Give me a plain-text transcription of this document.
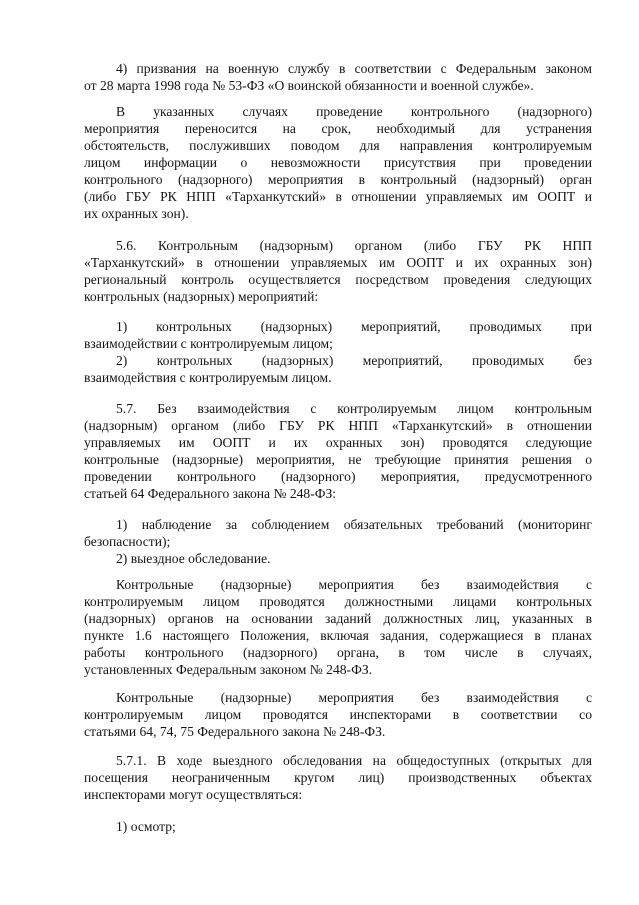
4) призвания на военную службу в соответствии с Федеральным законом
от 28 марта 1998 года № 53-ФЗ «О воинской обязанности и военной службе».
В указанных случаях проведение контрольного (надзорного)
мероприятия переносится на срок, необходимый для устранения
обстоятельств, послуживших поводом для направления контролируемым
лицом информации о невозможности присутствия при проведении
контрольного (надзорного) мероприятия в контрольный (надзорный) орган
(либо ГБУ РК НПП «Тарханкутский» в отношении управляемых им ООПТ и
их охранных зон).
5.6. Контрольным (надзорным) органом (либо ГБУ РК НПП
«Тарханкутский» в отношении управляемых им ООПТ и их охранных зон)
региональный контроль осуществляется посредством проведения следующих
контрольных (надзорных) мероприятий:
1) контрольных (надзорных) мероприятий, проводимых при
взаимодействии с контролируемым лицом;
2) контрольных (надзорных) мероприятий, проводимых без
взаимодействия с контролируемым лицом.
5.7. Без взаимодействия с контролируемым лицом контрольным
(надзорным) органом (либо ГБУ РК НПП «Тарханкутский» в отношении
управляемых им ООПТ и их охранных зон) проводятся следующие
контрольные (надзорные) мероприятия, не требующие принятия решения о
проведении контрольного (надзорного) мероприятия, предусмотренного
статьей 64 Федерального закона № 248-ФЗ:
1) наблюдение за соблюдением обязательных требований (мониторинг
безопасности);
2) выездное обследование.
Контрольные (надзорные) мероприятия без взаимодействия с
контролируемым лицом проводятся должностными лицами контрольных
(надзорных) органов на основании заданий должностных лиц, указанных в
пункте 1.6 настоящего Положения, включая задания, содержащиеся в планах
работы контрольного (надзорного) органа, в том числе в случаях,
установленных Федеральным законом № 248-ФЗ.
Контрольные (надзорные) мероприятия без взаимодействия с
контролируемым лицом проводятся инспекторами в соответствии со
статьями 64, 74, 75 Федерального закона № 248-ФЗ.
5.7.1. В ходе выездного обследования на общедоступных (открытых для
посещения неограниченным кругом лиц) производственных объектах
инспекторами могут осуществляться:
1) осмотр;
